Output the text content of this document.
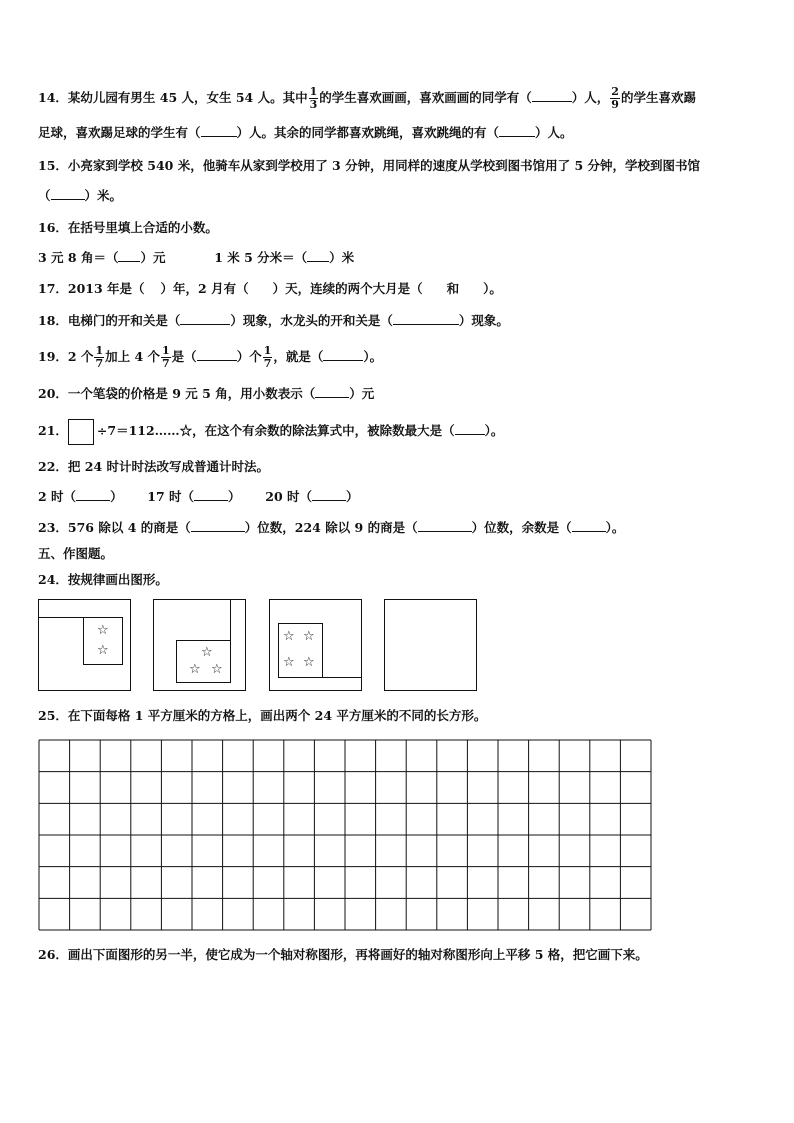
14．某幼儿园有男生 45 人，女生 54 人。其中 $\frac{1}{3}$ 的学生喜欢画画，喜欢画画的同学有（	）人， $\frac{2}{9}$ 的学生喜欢踢
足球，喜欢踢足球的学生有（	）人。其余的同学都喜欢跳绳，喜欢跳绳的有（	）人。
15．小亮家到学校 540 米，他骑车从家到学校用了 3 分钟，用同样的速度从学校到图书馆用了 5 分钟，学校到图书馆
（	）米。
16．在括号里填上合适的小数。
3 元 8 角＝（ ）元	1 米 5 分米＝（ ）米
17．2013 年是（ ）年，2 月有（ ）天，连续的两个大月是（ 和 ）。
18．电梯门的开和关是（	）现象，水龙头的开和关是（	）现象。
19．2 个 $\frac{1}{7}$ 加上 4 个 $\frac{1}{7}$ 是（	）个 $\frac{1}{7}$ ，就是（	）。
20．一个笔袋的价格是 9 元 5 角，用小数表示（	）元
21． ÷7＝112……☆，在这个有余数的除法算式中，被除数最大是（ ）。
22．把 24 时计时法改写成普通计时法。
2 时（	） 17 时（	） 20 时（	）
23．576 除以 4 的商是（	）位数，224 除以 9 的商是（	）位数，余数是（	）。
五、作图题。
24．按规律画出图形。
☆
☆	☆
☆ ☆
☆ ☆
☆ ☆
25．在下面每格 1 平方厘米的方格上，画出两个 24 平方厘米的不同的长方形。
26．画出下面图形的另一半，使它成为一个轴对称图形，再将画好的轴对称图形向上平移 5 格，把它画下来。
